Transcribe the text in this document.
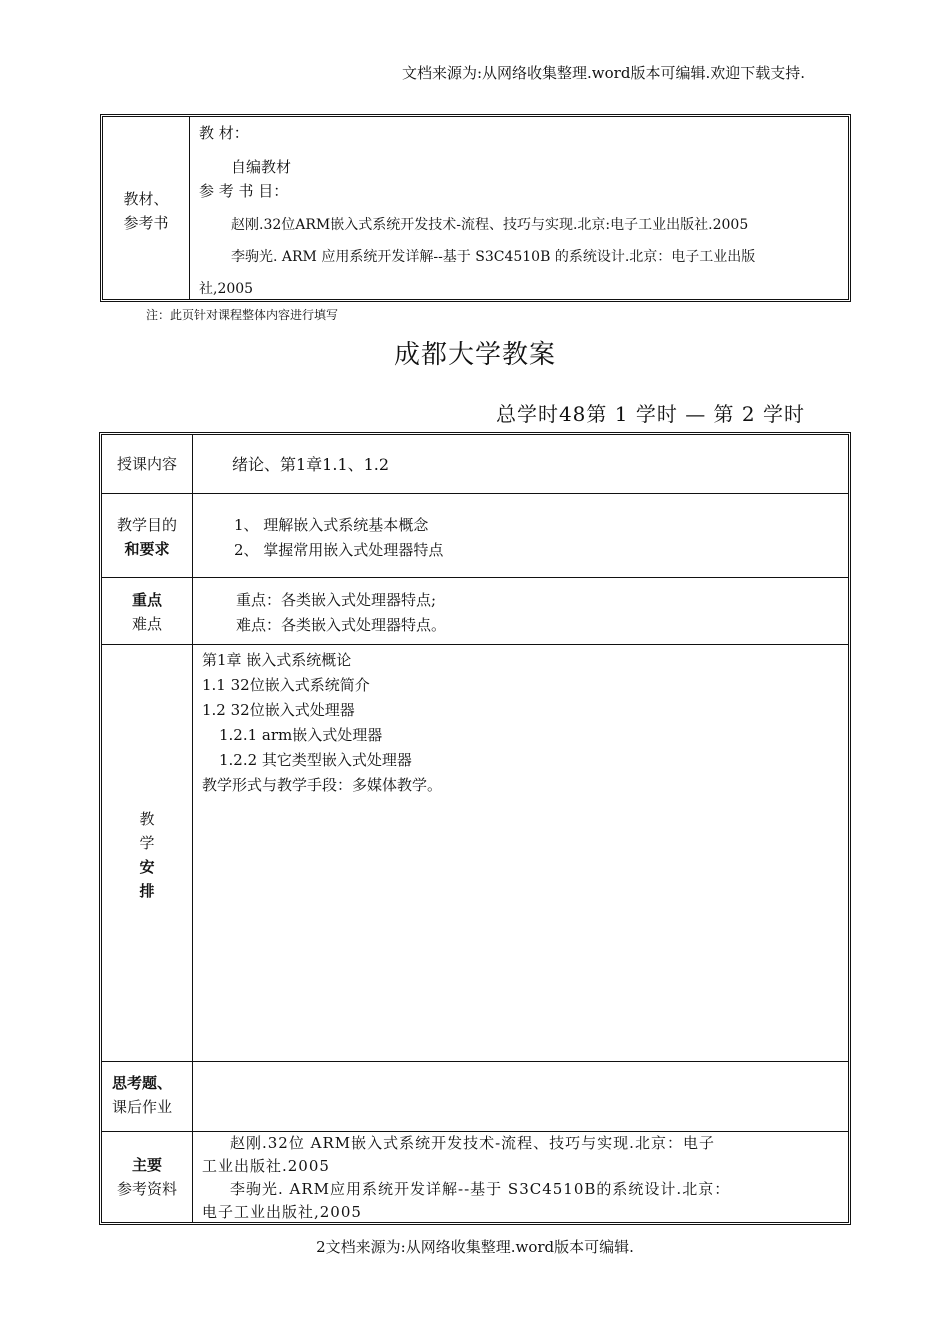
文档来源为:从网络收集整理.word版本可编辑.欢迎下载支持.
教材、
参考书
教 材：
自编教材
参 考 书 目：
赵刚.32位ARM嵌入式系统开发技术-流程、技巧与实现.北京:电子工业出版社.2005
李驹光. ARM 应用系统开发详解--基于 S3C4510B 的系统设计.北京：电子工业出版
社,2005
注：此页针对课程整体内容进行填写
成都大学教案
总学时48第 1 学时 — 第 2 学时
授课内容	绪论、第1章1.1、1.2
教学目的
和要求
1、 理解嵌入式系统基本概念
2、 掌握常用嵌入式处理器特点
重点
难点
重点：各类嵌入式处理器特点;
难点：各类嵌入式处理器特点。
教
学
安
排
第1章 嵌入式系统概论
1.1 32位嵌入式系统简介
1.2 32位嵌入式处理器
1.2.1 arm嵌入式处理器
1.2.2 其它类型嵌入式处理器
教学形式与教学手段：多媒体教学。
思考题、
课后作业
主要
参考资料
赵刚.32位 ARM嵌入式系统开发技术-流程、技巧与实现.北京：电子
工业出版社.2005
李驹光. ARM应用系统开发详解--基于 S3C4510B的系统设计.北京：
电子工业出版社,2005
2文档来源为:从网络收集整理.word版本可编辑.
